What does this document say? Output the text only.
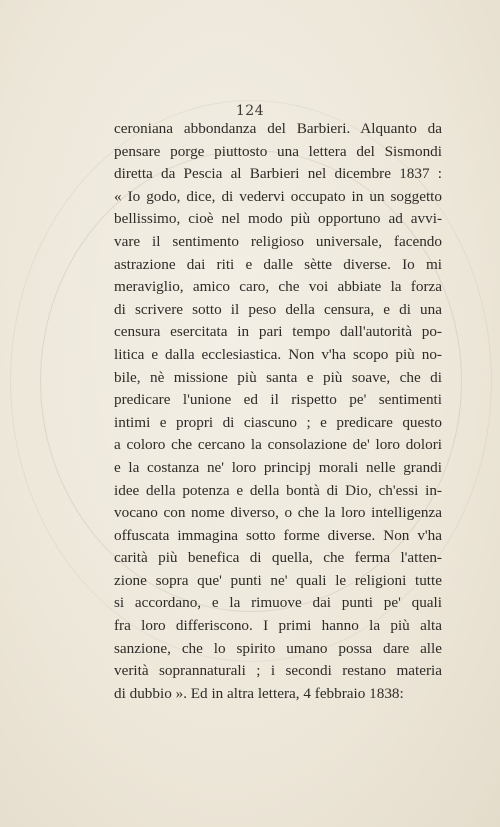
124
ceroniana abbondanza del Barbieri. Alquanto da
pensare porge piuttosto una lettera del Sismondi
diretta da Pescia al Barbieri nel dicembre 1837 :
« Io godo, dice, di vedervi occupato in un soggetto
bellissimo, cioè nel modo più opportuno ad avvi-
vare il sentimento religioso universale, facendo
astrazione dai riti e dalle sètte diverse. Io mi
meraviglio, amico caro, che voi abbiate la forza
di scrivere sotto il peso della censura, e di una
censura esercitata in pari tempo dall'autorità po-
litica e dalla ecclesiastica. Non v'ha scopo più no-
bile, nè missione più santa e più soave, che di
predicare l'unione ed il rispetto pe' sentimenti
intimi e propri di ciascuno ; e predicare questo
a coloro che cercano la consolazione de' loro dolori
e la costanza ne' loro principj morali nelle grandi
idee della potenza e della bontà di Dio, ch'essi in-
vocano con nome diverso, o che la loro intelligenza
offuscata immagina sotto forme diverse. Non v'ha
carità più benefica di quella, che ferma l'atten-
zione sopra que' punti ne' quali le religioni tutte
si accordano, e la rimuove dai punti pe' quali
fra loro differiscono. I primi hanno la più alta
sanzione, che lo spirito umano possa dare alle
verità soprannaturali ; i secondi restano materia
di dubbio ». Ed in altra lettera, 4 febbraio 1838:
